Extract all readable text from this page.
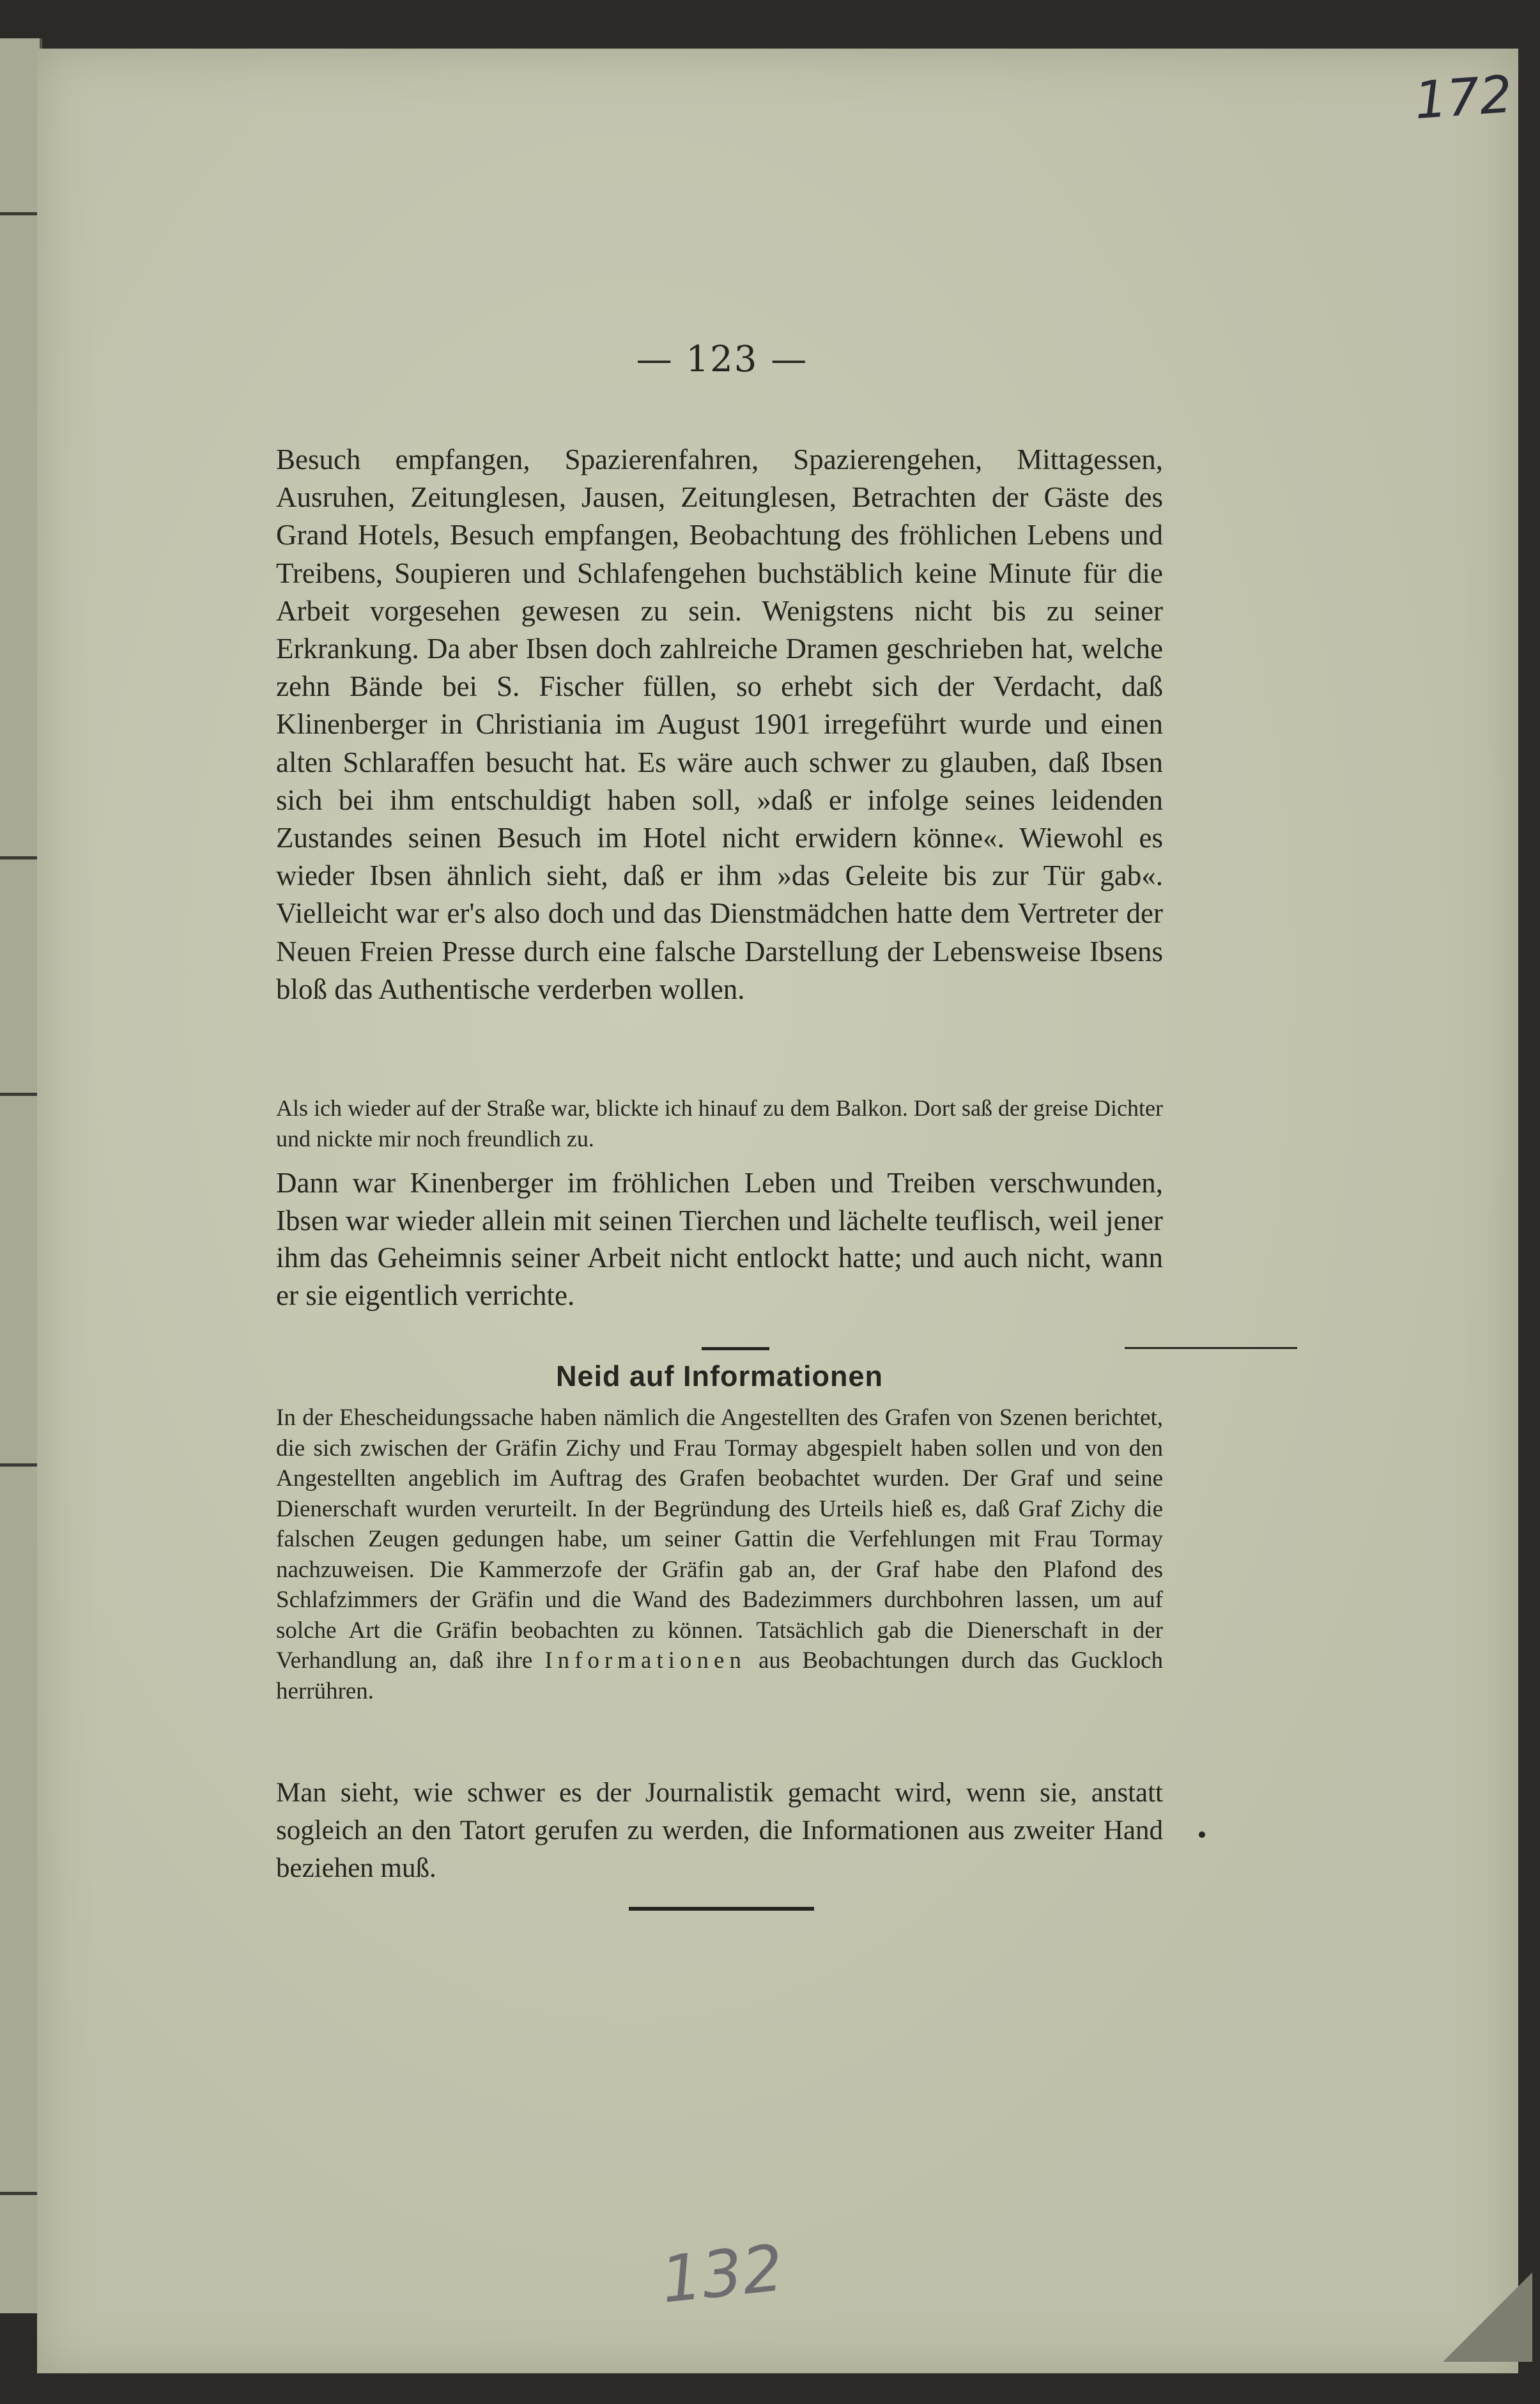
172
— 123 —
Besuch empfangen, Spazierenfahren, Spazierengehen, Mittagessen, Ausruhen, Zeitunglesen, Jausen, Zeitunglesen, Betrachten der Gäste des Grand Hotels, Besuch empfangen, Beobachtung des fröhlichen Lebens und Treibens, Soupieren und Schlafengehen buchstäblich keine Minute für die Arbeit vorgesehen gewesen zu sein. Wenigstens nicht bis zu seiner Erkrankung. Da aber Ibsen doch zahlreiche Dramen geschrieben hat, welche zehn Bände bei S. Fischer füllen, so erhebt sich der Verdacht, daß Klinenberger in Christiania im August 1901 irregeführt wurde und einen alten Schlaraffen besucht hat. Es wäre auch schwer zu glauben, daß Ibsen sich bei ihm entschuldigt haben soll, »daß er infolge seines leidenden Zustandes seinen Besuch im Hotel nicht erwidern könne«. Wiewohl es wieder Ibsen ähnlich sieht, daß er ihm »das Geleite bis zur Tür gab«. Vielleicht war er's also doch und das Dienstmädchen hatte dem Vertreter der Neuen Freien Presse durch eine falsche Darstellung der Lebensweise Ibsens bloß das Authentische verderben wollen.
Als ich wieder auf der Straße war, blickte ich hinauf zu dem Balkon. Dort saß der greise Dichter und nickte mir noch freundlich zu.
Dann war Kinenberger im fröhlichen Leben und Treiben verschwunden, Ibsen war wieder allein mit seinen Tierchen und lächelte teuflisch, weil jener ihm das Geheimnis seiner Arbeit nicht entlockt hatte; und auch nicht, wann er sie eigentlich verrichte.
Neid auf Informationen
In der Ehescheidungssache haben nämlich die Angestellten des Grafen von Szenen berichtet, die sich zwischen der Gräfin Zichy und Frau Tormay abgespielt haben sollen und von den Angestellten angeblich im Auftrag des Grafen beobachtet wurden. Der Graf und seine Dienerschaft wurden verurteilt. In der Begründung des Urteils hieß es, daß Graf Zichy die falschen Zeugen gedungen habe, um seiner Gattin die Verfehlungen mit Frau Tormay nachzuweisen. Die Kammerzofe der Gräfin gab an, der Graf habe den Plafond des Schlafzimmers der Gräfin und die Wand des Badezimmers durchbohren lassen, um auf solche Art die Gräfin beobachten zu können. Tatsächlich gab die Dienerschaft in der Verhandlung an, daß ihre Informationen aus Beobachtungen durch das Guckloch herrühren.
Man sieht, wie schwer es der Journalistik gemacht wird, wenn sie, anstatt sogleich an den Tatort gerufen zu werden, die Informationen aus zweiter Hand beziehen muß.
132
